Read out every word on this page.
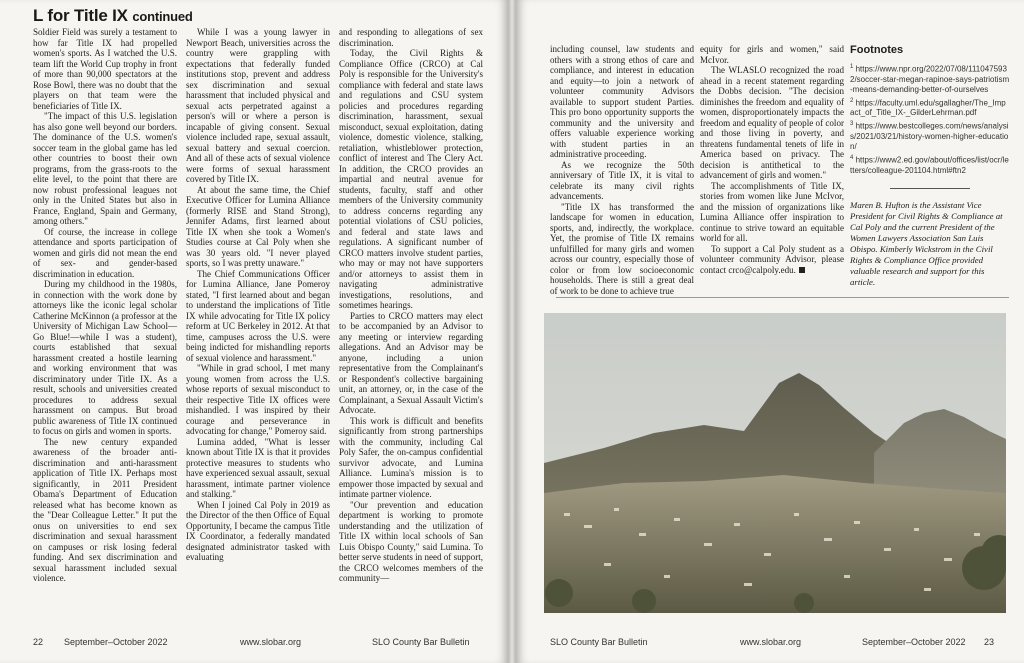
L for Title IX continued

Soldier Field was surely a testament to how far Title IX had propelled women's sports. As I watched the U.S. team lift the World Cup trophy in front of more than 90,000 spectators at the Rose Bowl, there was no doubt that the players on that team were the beneficiaries of Title IX.

"The impact of this U.S. legislation has also gone well beyond our borders. The dominance of the U.S. women's soccer team in the global game has led other countries to boost their own programs, from the grass-roots to the elite level, to the point that there are now robust professional leagues not only in the United States but also in France, England, Spain and Germany, among others."

Of course, the increase in college attendance and sports participation of women and girls did not mean the end of sex- and gender-based discrimination in education.

During my childhood in the 1980s, in connection with the work done by attorneys like the iconic legal scholar Catherine McKinnon (a professor at the University of Michigan Law School—Go Blue!—while I was a student), courts established that sexual harassment created a hostile learning and working environment that was discriminatory under Title IX. As a result, schools and universities created procedures to address sexual harassment on campus. But broad public awareness of Title IX continued to focus on girls and women in sports.

The new century expanded awareness of the broader anti-discrimination and anti-harassment application of Title IX. Perhaps most significantly, in 2011 President Obama's Department of Education released what has become known as the "Dear Colleague Letter." It put the onus on universities to end sex discrimination and sexual harassment on campuses or risk losing federal funding. And sex discrimination and sexual harassment included sexual violence.

While I was a young lawyer in Newport Beach, universities across the country were grappling with expectations that federally funded institutions stop, prevent and address sex discrimination and sexual harassment that included physical and sexual acts perpetrated against a person's will or where a person is incapable of giving consent. Sexual violence included rape, sexual assault, sexual battery and sexual coercion. And all of these acts of sexual violence were forms of sexual harassment covered by Title IX.

At about the same time, the Chief Executive Officer for Lumina Alliance (formerly RISE and Stand Strong), Jennifer Adams, first learned about Title IX when she took a Women's Studies course at Cal Poly when she was 30 years old. "I never played sports, so I was pretty unaware."

The Chief Communications Officer for Lumina Alliance, Jane Pomeroy stated, "I first learned about and began to understand the implications of Title IX while advocating for Title IX policy reform at UC Berkeley in 2012. At that time, campuses across the U.S. were being indicted for mishandling reports of sexual violence and harassment."

"While in grad school, I met many young women from across the U.S. whose reports of sexual misconduct to their respective Title IX offices were mishandled. I was inspired by their courage and perseverance in advocating for change," Pomeroy said.

Lumina added, "What is lesser known about Title IX is that it provides protective measures to students who have experienced sexual assault, sexual harassment, intimate partner violence and stalking."

When I joined Cal Poly in 2019 as the Director of the then Office of Equal Opportunity, I became the campus Title IX Coordinator, a federally mandated designated administrator tasked with evaluating

and responding to allegations of sex discrimination.

Today, the Civil Rights & Compliance Office (CRCO) at Cal Poly is responsible for the University's compliance with federal and state laws and regulations and CSU system policies and procedures regarding discrimination, harassment, sexual misconduct, sexual exploitation, dating violence, domestic violence, stalking, retaliation, whistleblower protection, conflict of interest and The Clery Act. In addition, the CRCO provides an impartial and neutral avenue for students, faculty, staff and other members of the University community to address concerns regarding any potential violations of CSU policies, and federal and state laws and regulations. A significant number of CRCO matters involve student parties, who may or may not have supporters and/or attorneys to assist them in navigating administrative investigations, resolutions, and sometimes hearings.

Parties to CRCO matters may elect to be accompanied by an Advisor to any meeting or interview regarding allegations. And an Advisor may be anyone, including a union representative from the Complainant's or Respondent's collective bargaining unit, an attorney, or, in the case of the Complainant, a Sexual Assault Victim's Advocate.

This work is difficult and benefits significantly from strong partnerships with the community, including Cal Poly Safer, the on-campus confidential survivor advocate, and Lumina Alliance. Lumina's mission is to empower those impacted by sexual and intimate partner violence.

"Our prevention and education department is working to promote understanding and the utilization of Title IX within local schools of San Luis Obispo County," said Lumina. To better serve students in need of support, the CRCO welcomes members of the community—

22 September–October 2022	www.slobar.org	SLO County Bar Bulletin

including counsel, law students and others with a strong ethos of care and compliance, and interest in education and equity—to join a network of volunteer community Advisors available to support student Parties. This pro bono opportunity supports the community and the university and offers valuable experience working with student parties in an administrative proceeding.

As we recognize the 50th anniversary of Title IX, it is vital to celebrate its many civil rights advancements.

"Title IX has transformed the landscape for women in education, sports, and, indirectly, the workplace. Yet, the promise of Title IX remains unfulfilled for many girls and women across our country, especially those of color or from low socioeconomic households. There is still a great deal of work to be done to achieve true

equity for girls and women," said McIvor.

The WLASLO recognized the road ahead in a recent statement regarding the Dobbs decision. "The decision diminishes the freedom and equality of women, disproportionately impacts the freedom and equality of people of color and those living in poverty, and threatens fundamental tenets of life in America based on privacy. The decision is antithetical to the advancement of girls and women."

The accomplishments of Title IX, stories from women like June McIvor, and the mission of organizations like Lumina Alliance offer inspiration to continue to strive toward an equitable world for all.

To support a Cal Poly student as a volunteer community Advisor, please contact crco@calpoly.edu.

Footnotes
$^1$ https://www.npr.org/2022/07/08/1110475932/soccer-star-megan-rapinoe-says-patriotism-means-demanding-better-of-ourselves
$^2$ https://faculty.uml.edu/sgallagher/The_Impact_of_Title_IX-_GilderLehrman.pdf
$^3$ https://www.bestcolleges.com/news/analysis/2021/03/21/history-women-higher-education/
$^4$ https://www2.ed.gov/about/offices/list/ocr/letters/colleague-201104.html#ftn2
Maren B. Hufton is the Assistant Vice President for Civil Rights & Compliance at Cal Poly and the current President of the Women Lawyers Association San Luis Obispo. Kimberly Wickstrom in the Civil Rights & Compliance Office provided valuable research and support for this article.
SLO County Bar Bulletin	www.slobar.org	September–October 2022 23
